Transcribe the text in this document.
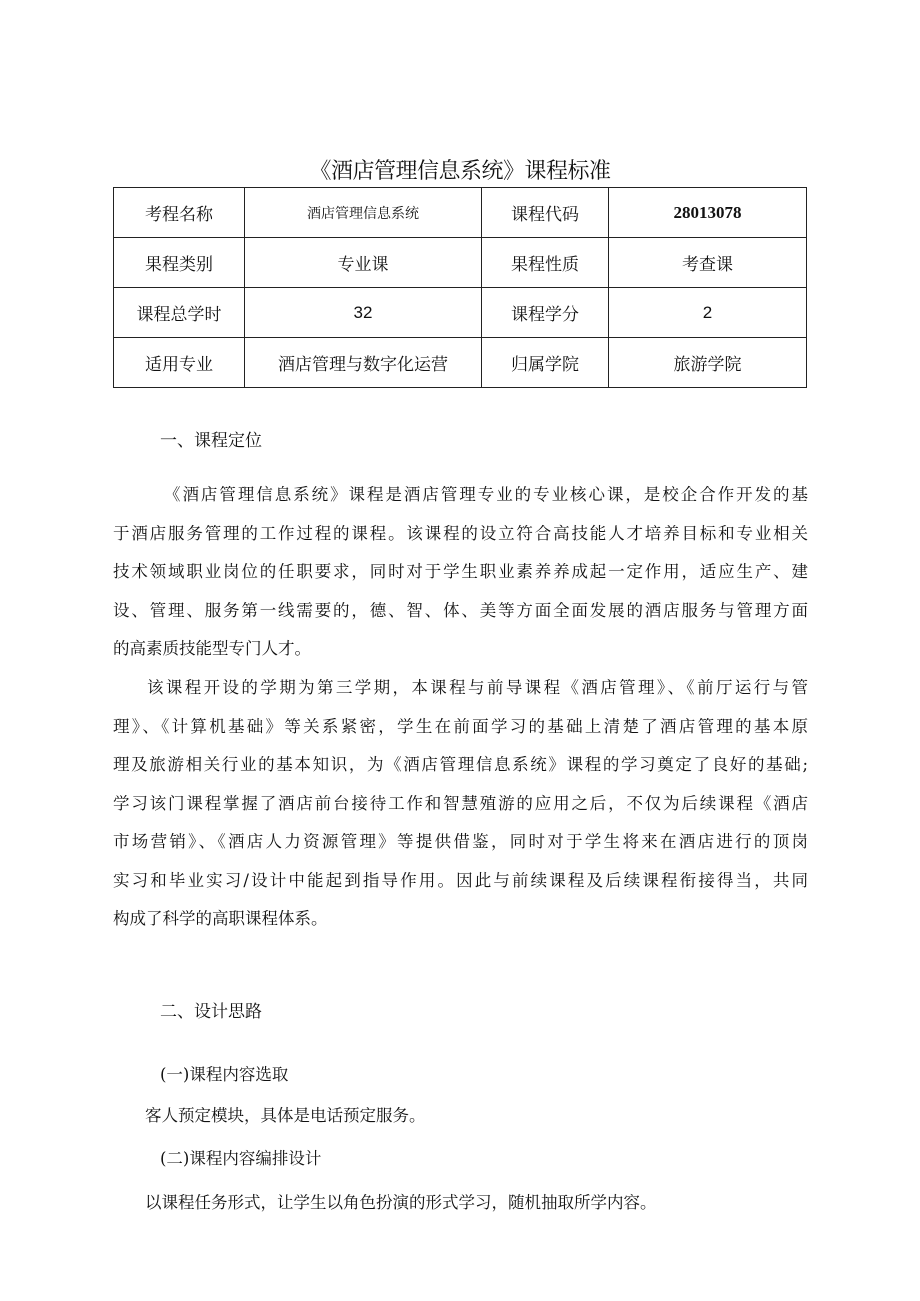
《酒店管理信息系统》课程标准
考程名称	酒店管理信息系统	课程代码	28013078
果程类别	专业课	果程性质	考查课
课程总学时	32	课程学分	2
适用专业	酒店管理与数字化运营	归属学院	旅游学院
一、课程定位
《酒店管理信息系统》课程是酒店管理专业的专业核心课，是校企合作开发的基
于酒店服务管理的工作过程的课程。该课程的设立符合高技能人才培养目标和专业相关
技术领域职业岗位的任职要求，同时对于学生职业素养养成起一定作用，适应生产、建
设、管理、服务第一线需要的，德、智、体、美等方面全面发展的酒店服务与管理方面
的高素质技能型专门人才。
该课程开设的学期为第三学期，本课程与前导课程《酒店管理》、《前厅运行与管
理》、《计算机基础》等关系紧密，学生在前面学习的基础上清楚了酒店管理的基本原
理及旅游相关行业的基本知识，为《酒店管理信息系统》课程的学习奠定了良好的基础;
学习该门课程掌握了酒店前台接待工作和智慧殖游的应用之后，不仅为后续课程《酒店
市场营销》、《酒店人力资源管理》等提供借鉴，同时对于学生将来在酒店进行的顶岗
实习和毕业实习/设计中能起到指导作用。因此与前续课程及后续课程衔接得当，共同
构成了科学的高职课程体系。
二、设计思路
(一)课程内容选取
客人预定模块，具体是电话预定服务。
(二)课程内容编排设计
以课程任务形式，让学生以角色扮演的形式学习，随机抽取所学内容。
